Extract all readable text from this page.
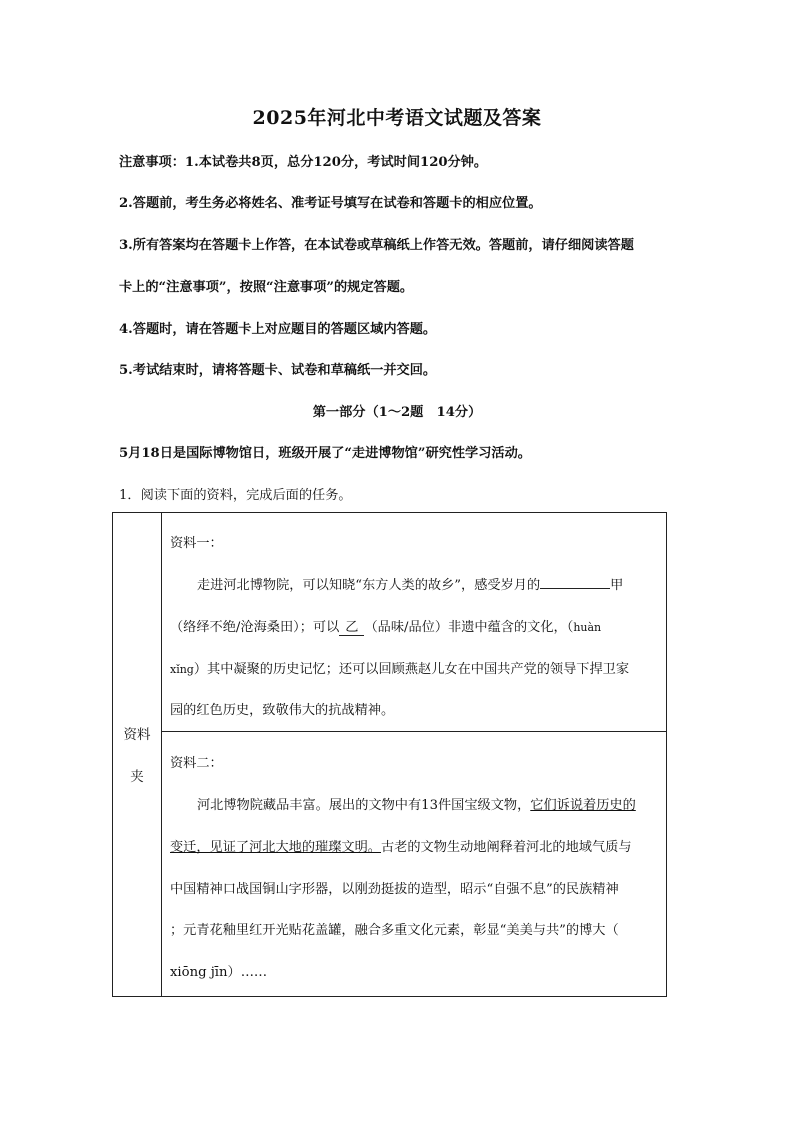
2025年河北中考语文试题及答案
注意事项：1.本试卷共8页，总分120分，考试时间120分钟。
2.答题前，考生务必将姓名、准考证号填写在试卷和答题卡的相应位置。
3.所有答案均在答题卡上作答，在本试卷或草稿纸上作答无效。答题前，请仔细阅读答题
卡上的“注意事项”，按照“注意事项”的规定答题。
4.答题时，请在答题卡上对应题目的答题区域内答题。
5.考试结束时，请将答题卡、试卷和草稿纸一并交回。
第一部分（1～2题　14分）
5月18日是国际博物馆日，班级开展了“走进博物馆”研究性学习活动。
1．阅读下面的资料，完成后面的任务。
资料
夹
资料一：
走进河北博物院，可以知晓“东方人类的故乡”，感受岁月的	甲
（络绎不绝/沧海桑田）；可以 乙 （品味/品位）非遗中蕴含的文化，（huàn
xǐng）其中凝聚的历史记忆；还可以回顾燕赵儿女在中国共产党的领导下捍卫家
园的红色历史，致敬伟大的抗战精神。
资料二：
河北博物院藏品丰富。展出的文物中有13件国宝级文物，它们诉说着历史的
变迁，见证了河北大地的璀璨文明。古老的文物生动地阐释着河北的地域气质与
中国精神口战国铜山字形器，以刚劲挺拔的造型，昭示“自强不息”的民族精神
；元青花釉里红开光贴花盖罐，融合多重文化元素，彰显“美美与共”的博大（
xiōng jīn）……
